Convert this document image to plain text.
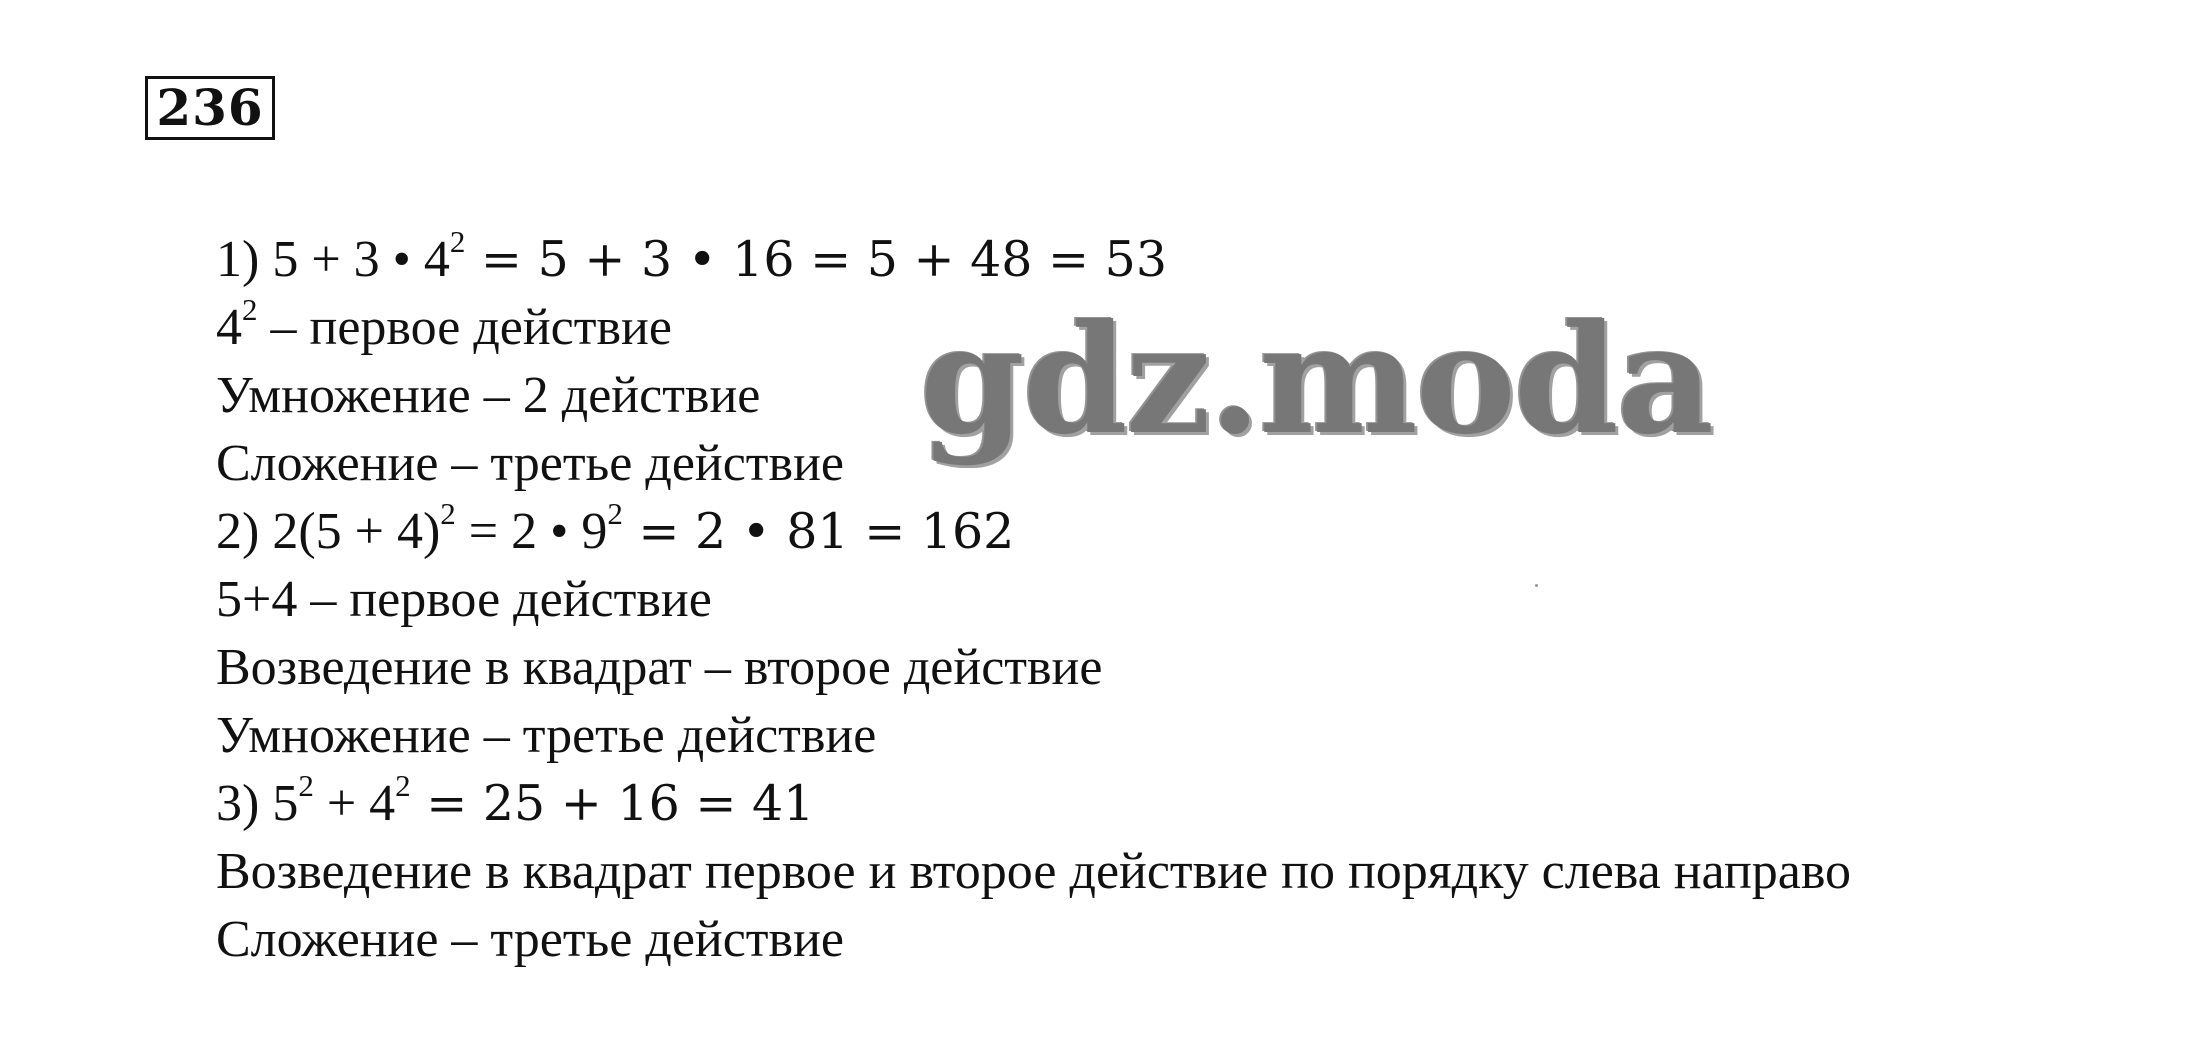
236
1) 5 + 3 • $4^2 = 5 + 3$ • 16 = 5 + 48 = 53
$4^2$ – первое действие
Умножение – 2 действие
Сложение – третье действие
2) $2(5 + 4)^2 = 2$ • $9^2 = 2$ • 81 = 162
5+4 – первое действие
Возведение в квадрат – второе действие
Умножение – третье действие
3) $5^2 + 4^2 = 25 + 16 = 41$
Возведение в квадрат первое и второе действие по порядку слева направо
Сложение – третье действие
gdz.moda
